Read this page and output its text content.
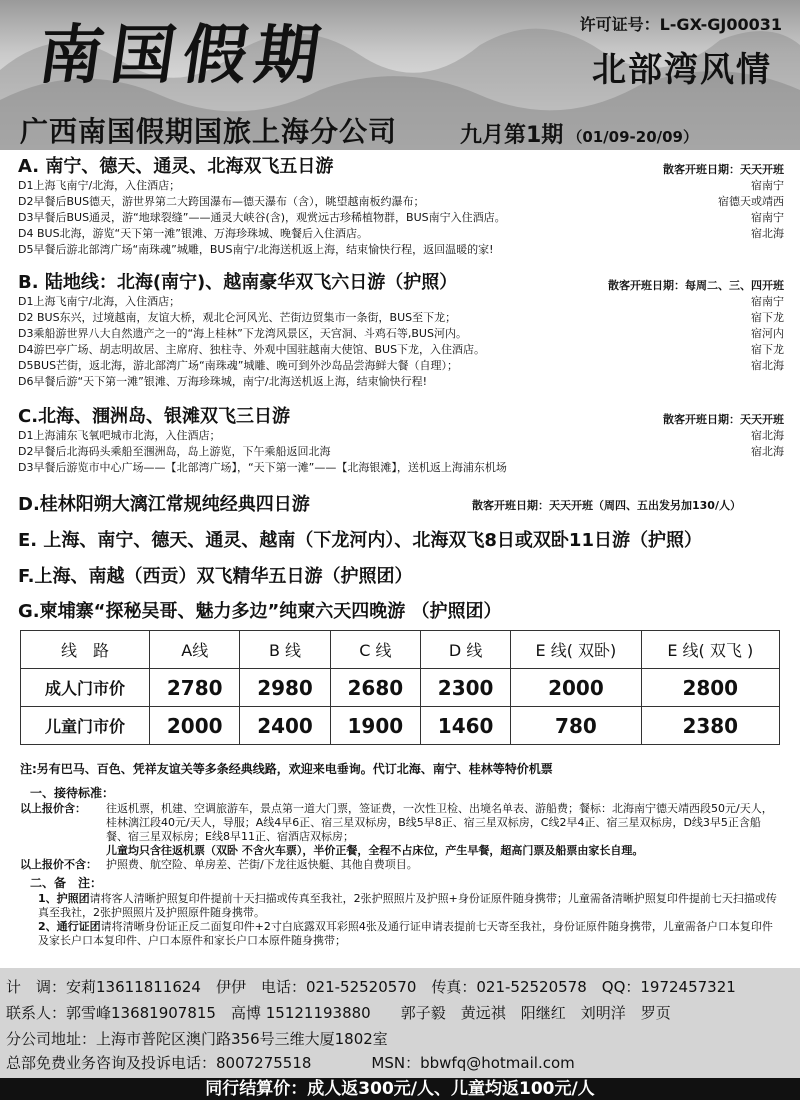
南国假期	许可证号：L-GX-GJ00031
北部湾风情
广西南国假期国旅上海分公司	九月第1期 （01/09-20/09）
A. 南宁、德天、通灵、北海双飞五日游	散客开班日期：天天开班
D1上海飞南宁/北海，入住酒店；	宿南宁
D2早餐后BUS德天，游世界第二大跨国瀑布—德天瀑布（含），眺望越南板约瀑布；	宿德天或靖西
D3早餐后BUS通灵，游“地球裂缝”——通灵大峡谷(含)，观赏远古珍稀植物群，BUS南宁入住酒店。	宿南宁
D4 BUS北海，游览“天下第一滩”银滩、万海珍珠城、晚餐后入住酒店。	宿北海
D5早餐后游北部湾广场“南珠魂”城雕，BUS南宁/北海送机返上海，结束愉快行程，返回温暖的家!
B. 陆地线：北海(南宁)、越南豪华双飞六日游（护照）	散客开班日期：每周二、三、四开班
D1上海飞南宁/北海，入住酒店；	宿南宁
D2 BUS东兴，过境越南，友谊大桥，观北仑河风光、芒街边贸集市一条街，BUS至下龙；	宿下龙
D3乘船游世界八大自然遗产之一的“海上桂林”下龙湾风景区，天宫洞、斗鸡石等,BUS河内。	宿河内
D4游巴亭广场、胡志明故居、主席府、独柱寺、外观中国驻越南大使馆、BUS下龙，入住酒店。	宿下龙
D5BUS芒街，返北海，游北部湾广场“南珠魂”城雕、晚可到外沙岛品尝海鲜大餐（自理）；	宿北海
D6早餐后游“天下第一滩”银滩、万海珍珠城，南宁/北海送机返上海，结束愉快行程!
C.北海、涠洲岛、银滩双飞三日游	散客开班日期：天天开班
D1上海浦东飞氧吧城市北海，入住酒店；	宿北海
D2早餐后北海码头乘船至涠洲岛，岛上游览，下午乘船返回北海	宿北海
D3早餐后游览市中心广场——【北部湾广场】，“天下第一滩”——【北海银滩】，送机返上海浦东机场
D.桂林阳朔大漓江常规纯经典四日游	散客开班日期：天天开班（周四、五出发另加130/人）
E. 上海、南宁、德天、通灵、越南（下龙河内）、北海双飞8日或双卧11日游（护照）
F.上海、南越（西贡）双飞精华五日游（护照团）
G.柬埔寨“探秘吴哥、魅力多边”纯柬六天四晚游 （护照团）
线　路	A线	B 线	C 线	D 线	E 线( 双卧)	E 线( 双飞 )
成人门市价	2780	2980	2680	2300	2000	2800
儿童门市价	2000	2400	1900	1460	780	2380
注:另有巴马、百色、凭祥友谊关等多条经典线路，欢迎来电垂询。代订北海、南宁、桂林等特价机票
一、接待标准：
以上报价含： 往返机票，机建、空调旅游车，景点第一道大门票，签证费，一次性卫检、出境名单表、游船费；餐标：北海南宁德天靖西段50元/天人，桂林漓江段40元/天人，导服；A线4早6正、宿三星双标房，B线5早8正、宿三星双标房，C线2早4正、宿三星双标房，D线3早5正含船餐、宿三星双标房；E线8早11正、宿酒店双标房；
儿童均只含往返机票（双卧 不含火车票），半价正餐，全程不占床位，产生早餐，超高门票及船票由家长自理。
以上报价不含： 护照费、航空险、单房差、芒街/下龙往返快艇、其他自费项目。
二、备　注：

1、护照团请将客人清晰护照复印件提前十天扫描或传真至我社，2张护照照片及护照+身份证原件随身携带；儿童需备清晰护照复印件提前七天扫描或传真至我社，2张护照照片及护照原件随身携带。

2、通行证团请将清晰身份证正反二面复印件+2寸白底露双耳彩照4张及通行证申请表提前七天寄至我社，身份证原件随身携带，儿童需备户口本复印件及家长户口本复印件、户口本原件和家长户口本原件随身携带；

计　调：安莉13611811624　伊伊　电话：021-52520570　传真：021-52520578　QQ：1972457321
联系人：郭雪峰13681907815　高博 15121193880　　郭子毅　黄远祺　阳继红　刘明洋　罗页
分公司地址：上海市普陀区澳门路356号三维大厦1802室
总部免费业务咨询及投诉电话：8007275518　　　　MSN：bbwfq@hotmail.com
同行结算价：成人返300元/人、儿童均返100元/人
